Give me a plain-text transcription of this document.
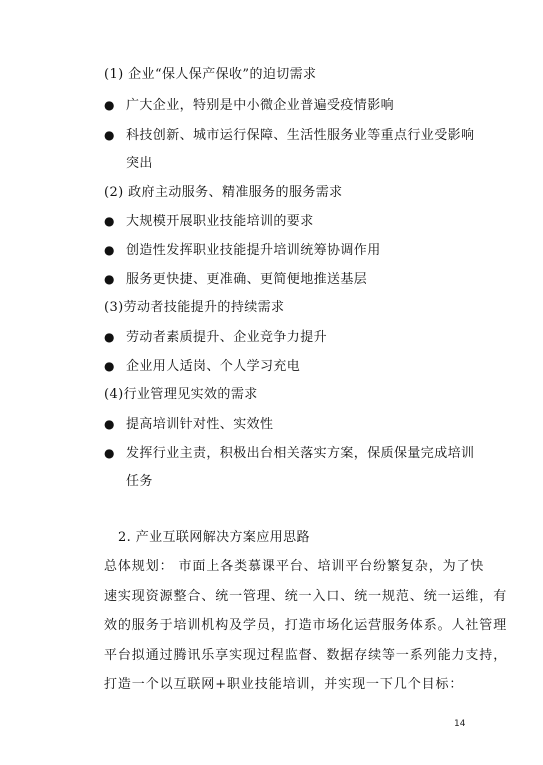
(1) 企业“保人保产保收”的迫切需求
● 广大企业，特别是中小微企业普遍受疫情影响
● 科技创新、城市运行保障、生活性服务业等重点行业受影响
突出
(2) 政府主动服务、精准服务的服务需求
● 大规模开展职业技能培训的要求
● 创造性发挥职业技能提升培训统筹协调作用
● 服务更快捷、更准确、更简便地推送基层
(3)劳动者技能提升的持续需求
● 劳动者素质提升、企业竞争力提升
● 企业用人适岗、个人学习充电
(4)行业管理见实效的需求
● 提高培训针对性、实效性
● 发挥行业主责，积极出台相关落实方案，保质保量完成培训
任务
2. 产业互联网解决方案应用思路
总体规划： 市面上各类慕课平台、培训平台纷繁复杂，为了快
速实现资源整合、统一管理、统一入口、统一规范、统一运维，有
效的服务于培训机构及学员，打造市场化运营服务体系。人社管理
平台拟通过腾讯乐享实现过程监督、数据存续等一系列能力支持，
打造一个以互联网+职业技能培训，并实现一下几个目标：
14
